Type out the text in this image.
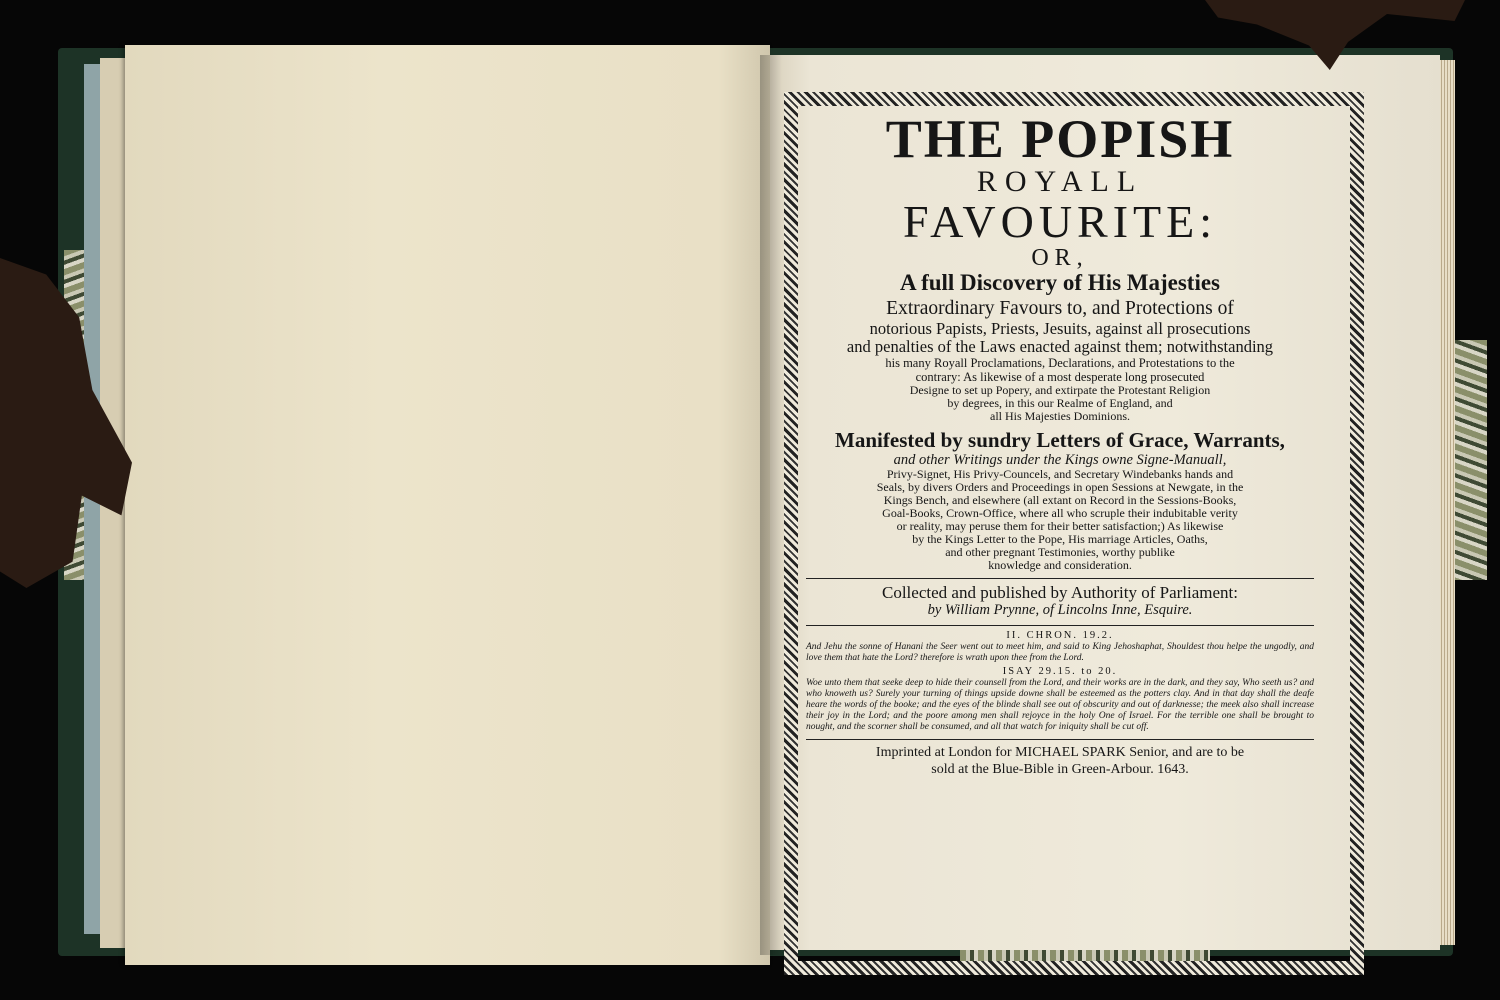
THE POPISH
ROYALL
FAVOURITE:
OR,
A full Discovery of His Majesties
Extraordinary Favours to, and Protections of
notorious Papists, Priests, Jesuits, against all prosecutions
and penalties of the Laws enacted against them; notwithstanding
his many Royall Proclamations, Declarations, and Protestations to the
contrary: As likewise of a most desperate long prosecuted
Designe to set up Popery, and extirpate the Protestant Religion
by degrees, in this our Realme of England, and
all His Majesties Dominions.
Manifested by sundry Letters of Grace, Warrants,
and other Writings under the Kings owne Signe-Manuall,
Privy-Signet, His Privy-Councels, and Secretary Windebanks hands and
Seals, by divers Orders and Proceedings in open Sessions at Newgate, in the
Kings Bench, and elsewhere (all extant on Record in the Sessions-Books,
Goal-Books, Crown-Office, where all who scruple their indubitable verity
or reality, may peruse them for their better satisfaction;) As likewise
by the Kings Letter to the Pope, His marriage Articles, Oaths,
and other pregnant Testimonies, worthy publike
knowledge and consideration.
Collected and published by Authority of Parliament:
by William Prynne, of Lincolns Inne, Esquire.
II. CHRON. 19.2.
And Jehu the sonne of Hanani the Seer went out to meet him, and said to King Jehoshaphat, Shouldest thou helpe the ungodly, and love them that hate the Lord? therefore is wrath upon thee from the Lord.
ISAY 29.15. to 20.
Woe unto them that seeke deep to hide their counsell from the Lord, and their works are in the dark, and they say, Who seeth us? and who knoweth us? Surely your turning of things upside downe shall be esteemed as the potters clay. And in that day shall the deafe heare the words of the booke; and the eyes of the blinde shall see out of obscurity and out of darknesse; the meek also shall increase their joy in the Lord; and the poore among men shall rejoyce in the holy One of Israel. For the terrible one shall be brought to nought, and the scorner shall be consumed, and all that watch for iniquity shall be cut off.
Imprinted at London for MICHAEL SPARK Senior, and are to be
sold at the Blue-Bible in Green-Arbour. 1643.
